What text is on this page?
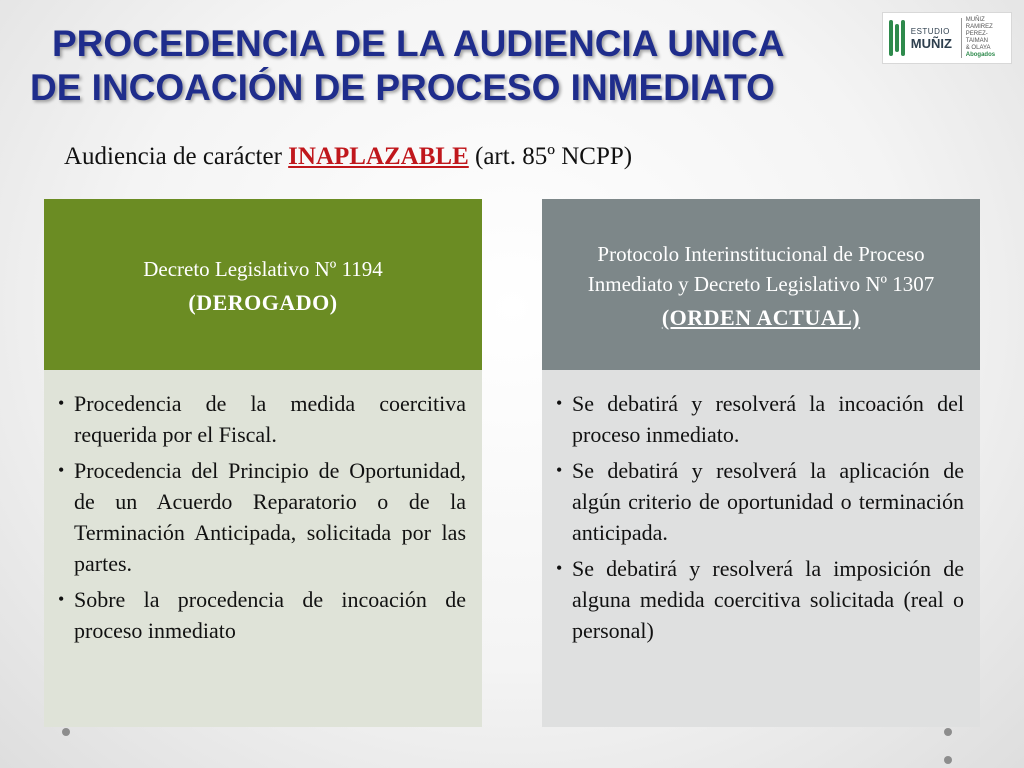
PROCEDENCIA DE LA AUDIENCIA UNICA
DE INCOACIÓN DE PROCESO INMEDIATO
ESTUDIO
MUÑIZ
MUÑIZ
RAMIREZ
PEREZ-TAIMAN
& OLAYA
Abogados

Audiencia de carácter INAPLAZABLE (art. 85º NCPP)

Decreto Legislativo Nº 1194
(DEROGADO)
• Procedencia de la medida coercitiva requerida por el Fiscal.
• Procedencia del Principio de Oportunidad, de un Acuerdo Reparatorio o de la Terminación Anticipada, solicitada por las partes.
• Sobre la procedencia de incoación de proceso inmediato
Protocolo Interinstitucional de Proceso Inmediato y Decreto Legislativo Nº 1307
(ORDEN ACTUAL)
• Se debatirá y resolverá la incoación del proceso inmediato.
• Se debatirá y resolverá la aplicación de algún criterio de oportunidad o terminación anticipada.
• Se debatirá y resolverá la imposición de alguna medida coercitiva solicitada (real o personal)
